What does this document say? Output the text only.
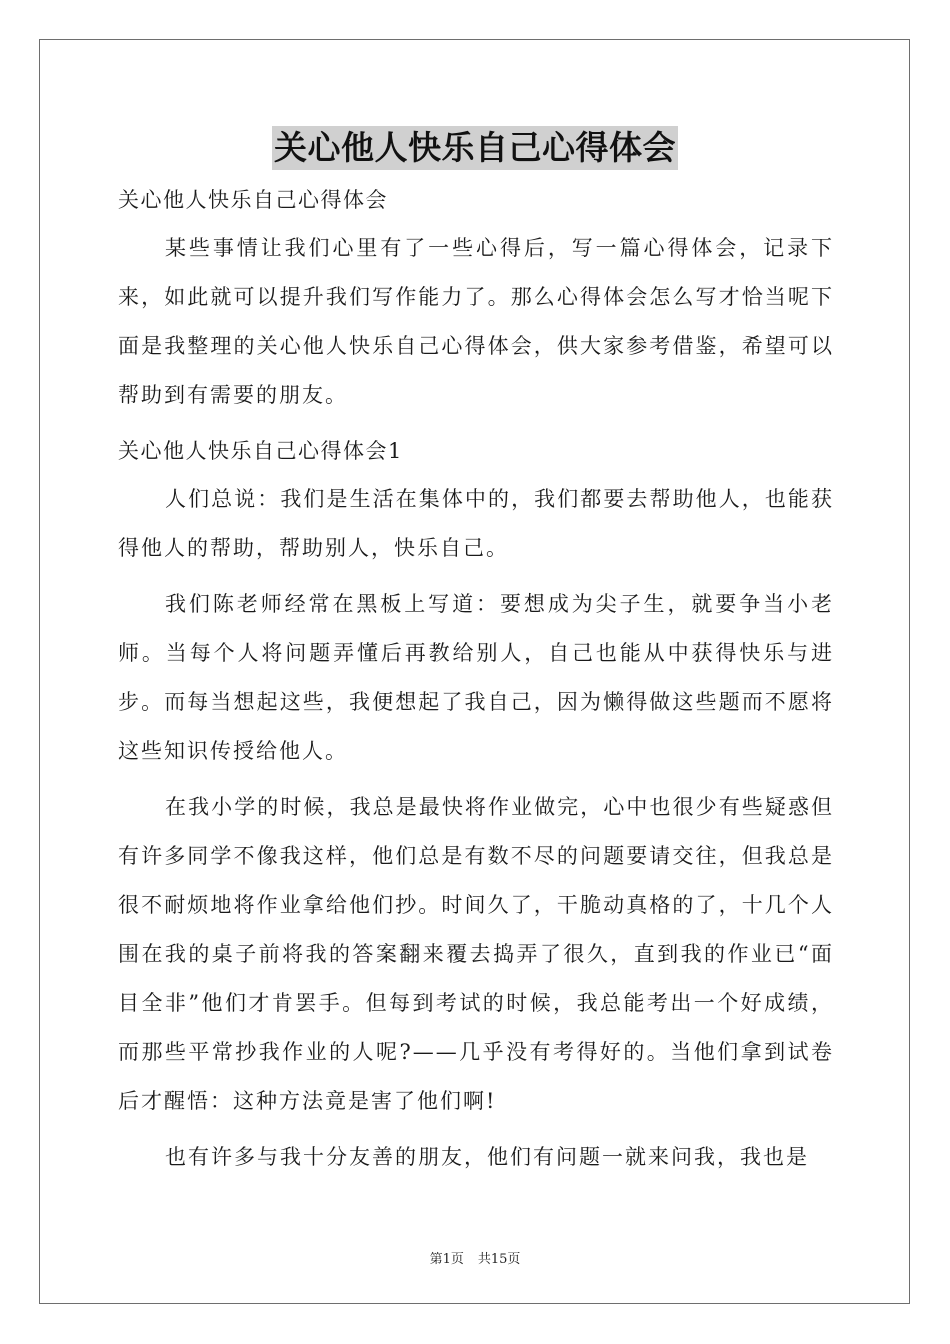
关心他人快乐自己心得体会

关心他人快乐自己心得体会

某些事情让我们心里有了一些心得后，写一篇心得体会，记录下来，如此就可以提升我们写作能力了。那么心得体会怎么写才恰当呢下面是我整理的关心他人快乐自己心得体会，供大家参考借鉴，希望可以帮助到有需要的朋友。

关心他人快乐自己心得体会1

人们总说：我们是生活在集体中的，我们都要去帮助他人，也能获得他人的帮助，帮助别人，快乐自己。

我们陈老师经常在黑板上写道：要想成为尖子生，就要争当小老师。当每个人将问题弄懂后再教给别人，自己也能从中获得快乐与进步。而每当想起这些，我便想起了我自己，因为懒得做这些题而不愿将这些知识传授给他人。

在我小学的时候，我总是最快将作业做完，心中也很少有些疑惑但有许多同学不像我这样，他们总是有数不尽的问题要请交往，但我总是很不耐烦地将作业拿给他们抄。时间久了，干脆动真格的了，十几个人围在我的桌子前将我的答案翻来覆去捣弄了很久，直到我的作业已“面目全非”他们才肯罢手。但每到考试的时候，我总能考出一个好成绩，而那些平常抄我作业的人呢?——几乎没有考得好的。当他们拿到试卷后才醒悟：这种方法竟是害了他们啊!

也有许多与我十分友善的朋友，他们有问题一就来问我，我也是

第1页 共15页
